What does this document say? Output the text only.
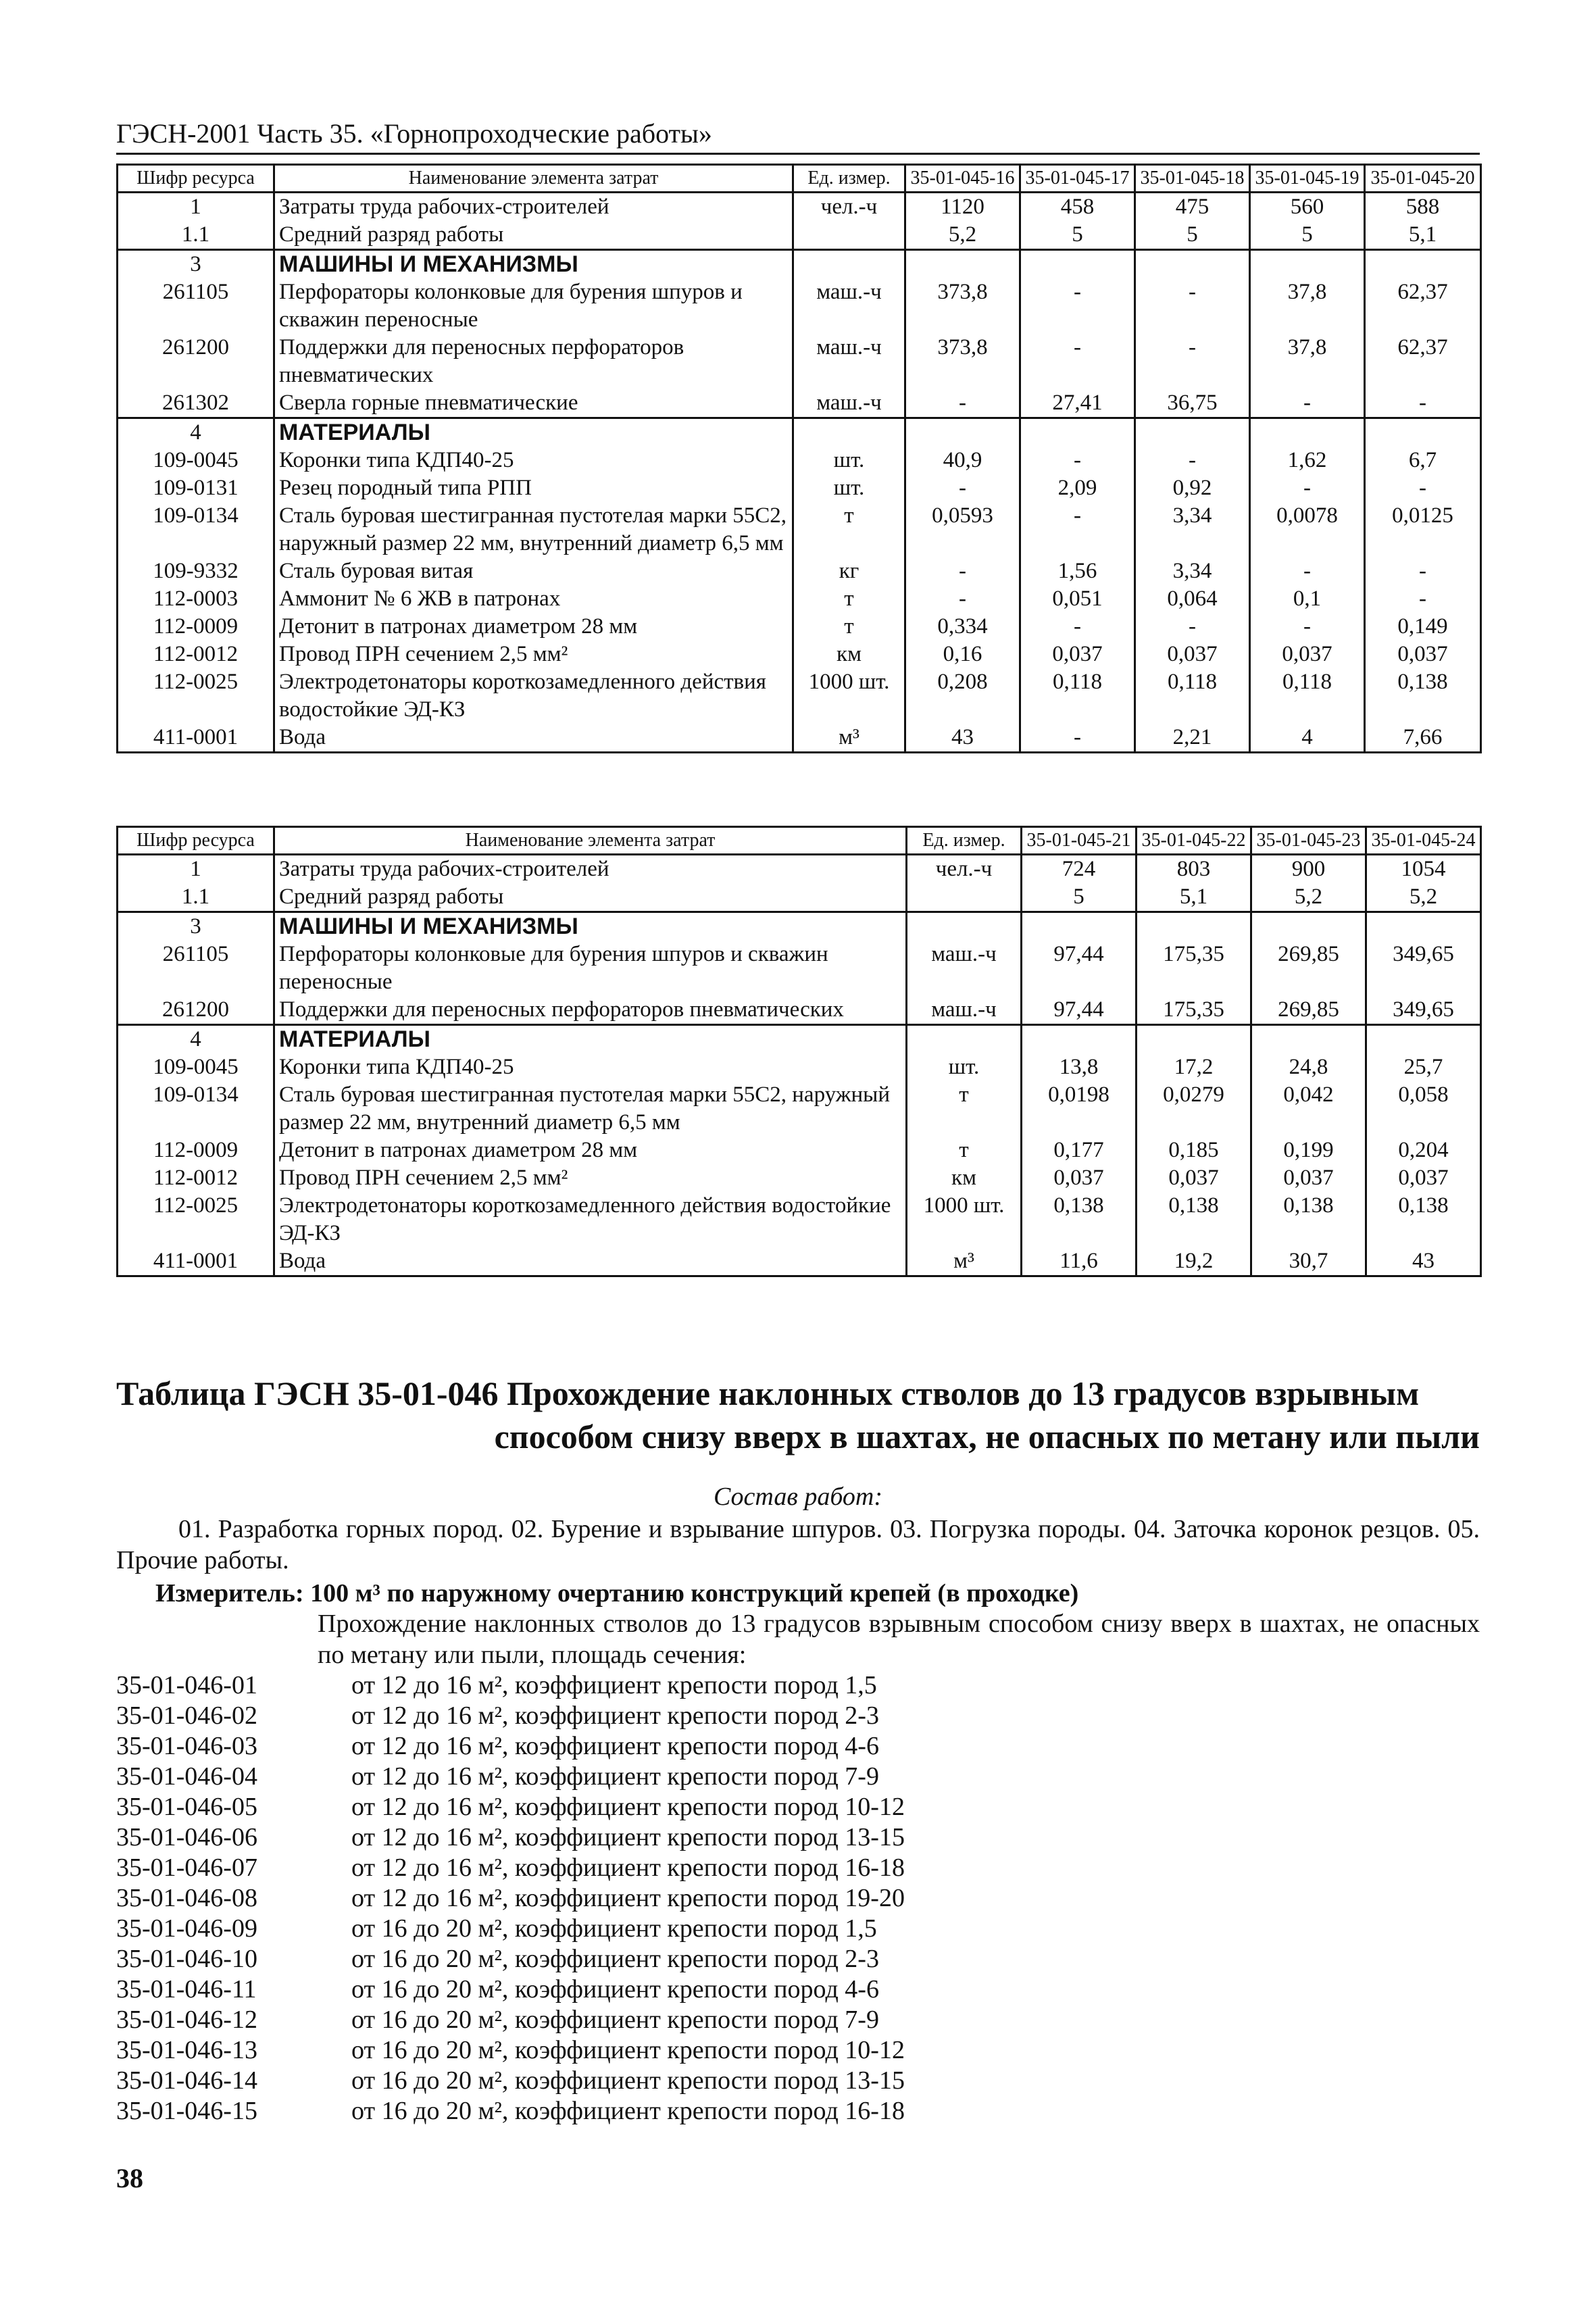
ГЭСН-2001 Часть 35. «Горнопроходческие работы»
Шифр ресурса	Наименование элемента затрат	Ед. измер.	35-01-045-16	35-01-045-17	35-01-045-18	35-01-045-19	35-01-045-20
1	Затраты труда рабочих-строителей	чел.-ч	1120	458	475	560	588
1.1	Средний разряд работы		5,2	5	5	5	5,1
3	МАШИНЫ И МЕХАНИЗМЫ						
261105	Перфораторы колонковые для бурения шпуров и скважин переносные	маш.-ч	373,8	-	-	37,8	62,37
261200	Поддержки для переносных перфораторов пневматических	маш.-ч	373,8	-	-	37,8	62,37
261302	Сверла горные пневматические	маш.-ч	-	27,41	36,75	-	-
4	МАТЕРИАЛЫ						
109-0045	Коронки типа КДП40-25	шт.	40,9	-	-	1,62	6,7
109-0131	Резец породный типа РПП	шт.	-	2,09	0,92	-	-
109-0134	Сталь буровая шестигранная пустотелая марки 55С2, наружный размер 22 мм, внутренний диаметр 6,5 мм	т	0,0593	-	3,34	0,0078	0,0125
109-9332	Сталь буровая витая	кг	-	1,56	3,34	-	-
112-0003	Аммонит № 6 ЖВ в патронах	т	-	0,051	0,064	0,1	-
112-0009	Детонит в патронах диаметром 28 мм	т	0,334	-	-	-	0,149
112-0012	Провод ПРН сечением 2,5 мм²	км	0,16	0,037	0,037	0,037	0,037
112-0025	Электродетонаторы короткозамедленного действия водостойкие ЭД-КЗ	1000 шт.	0,208	0,118	0,118	0,118	0,138
411-0001	Вода	м³	43	-	2,21	4	7,66
Шифр ресурса	Наименование элемента затрат	Ед. измер.	35-01-045-21	35-01-045-22	35-01-045-23	35-01-045-24
1	Затраты труда рабочих-строителей	чел.-ч	724	803	900	1054
1.1	Средний разряд работы		5	5,1	5,2	5,2
3	МАШИНЫ И МЕХАНИЗМЫ					
261105	Перфораторы колонковые для бурения шпуров и скважин переносные	маш.-ч	97,44	175,35	269,85	349,65
261200	Поддержки для переносных перфораторов пневматических	маш.-ч	97,44	175,35	269,85	349,65
4	МАТЕРИАЛЫ					
109-0045	Коронки типа КДП40-25	шт.	13,8	17,2	24,8	25,7
109-0134	Сталь буровая шестигранная пустотелая марки 55С2, наружный размер 22 мм, внутренний диаметр 6,5 мм	т	0,0198	0,0279	0,042	0,058
112-0009	Детонит в патронах диаметром 28 мм	т	0,177	0,185	0,199	0,204
112-0012	Провод ПРН сечением 2,5 мм²	км	0,037	0,037	0,037	0,037
112-0025	Электродетонаторы короткозамедленного действия водостойкие ЭД-КЗ	1000 шт.	0,138	0,138	0,138	0,138
411-0001	Вода	м³	11,6	19,2	30,7	43
Таблица ГЭСН 35-01-046 Прохождение наклонных стволов до 13 градусов взрывным
способом снизу вверх в шахтах, не опасных по метану или пыли
Состав работ:
01. Разработка горных пород. 02. Бурение и взрывание шпуров. 03. Погрузка породы. 04. Заточка коронок резцов. 05. Прочие работы.
Измеритель: 100 м³ по наружному очертанию конструкций крепей (в проходке)
Прохождение наклонных стволов до 13 градусов взрывным способом снизу вверх в шахтах, не опасных по метану или пыли, площадь сечения:
35-01-046-01	от 12 до 16 м², коэффициент крепости пород 1,5
35-01-046-02	от 12 до 16 м², коэффициент крепости пород 2-3
35-01-046-03	от 12 до 16 м², коэффициент крепости пород 4-6
35-01-046-04	от 12 до 16 м², коэффициент крепости пород 7-9
35-01-046-05	от 12 до 16 м², коэффициент крепости пород 10-12
35-01-046-06	от 12 до 16 м², коэффициент крепости пород 13-15
35-01-046-07	от 12 до 16 м², коэффициент крепости пород 16-18
35-01-046-08	от 12 до 16 м², коэффициент крепости пород 19-20
35-01-046-09	от 16 до 20 м², коэффициент крепости пород 1,5
35-01-046-10	от 16 до 20 м², коэффициент крепости пород 2-3
35-01-046-11	от 16 до 20 м², коэффициент крепости пород 4-6
35-01-046-12	от 16 до 20 м², коэффициент крепости пород 7-9
35-01-046-13	от 16 до 20 м², коэффициент крепости пород 10-12
35-01-046-14	от 16 до 20 м², коэффициент крепости пород 13-15
35-01-046-15	от 16 до 20 м², коэффициент крепости пород 16-18
38
